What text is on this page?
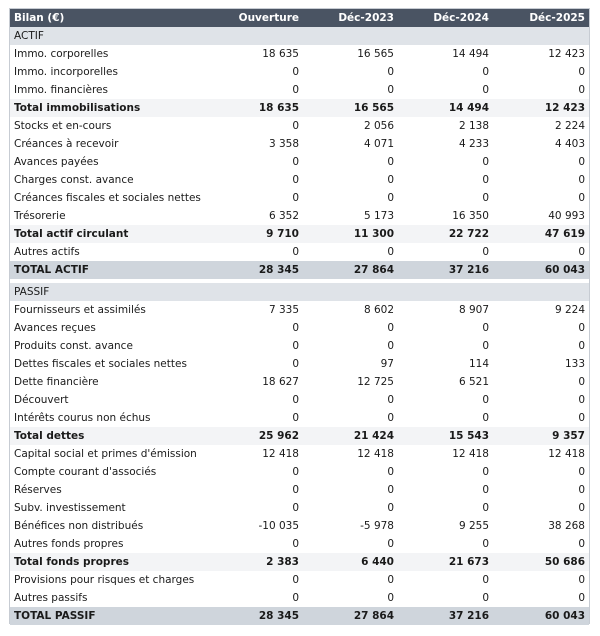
Bilan (€)	Ouverture	Déc-2023	Déc-2024	Déc-2025
ACTIF
Immo. corporelles	18 635	16 565	14 494	12 423
Immo. incorporelles	0	0	0	0
Immo. financières	0	0	0	0
Total immobilisations	18 635	16 565	14 494	12 423
Stocks et en-cours	0	2 056	2 138	2 224
Créances à recevoir	3 358	4 071	4 233	4 403
Avances payées	0	0	0	0
Charges const. avance	0	0	0	0
Créances fiscales et sociales nettes	0	0	0	0
Trésorerie	6 352	5 173	16 350	40 993
Total actif circulant	9 710	11 300	22 722	47 619
Autres actifs	0	0	0	0
TOTAL ACTIF	28 345	27 864	37 216	60 043
PASSIF
Fournisseurs et assimilés	7 335	8 602	8 907	9 224
Avances reçues	0	0	0	0
Produits const. avance	0	0	0	0
Dettes fiscales et sociales nettes	0	97	114	133
Dette financière	18 627	12 725	6 521	0
Découvert	0	0	0	0
Intérêts courus non échus	0	0	0	0
Total dettes	25 962	21 424	15 543	9 357
Capital social et primes d'émission	12 418	12 418	12 418	12 418
Compte courant d'associés	0	0	0	0
Réserves	0	0	0	0
Subv. investissement	0	0	0	0
Bénéfices non distribués	-10 035	-5 978	9 255	38 268
Autres fonds propres	0	0	0	0
Total fonds propres	2 383	6 440	21 673	50 686
Provisions pour risques et charges	0	0	0	0
Autres passifs	0	0	0	0
TOTAL PASSIF	28 345	27 864	37 216	60 043
